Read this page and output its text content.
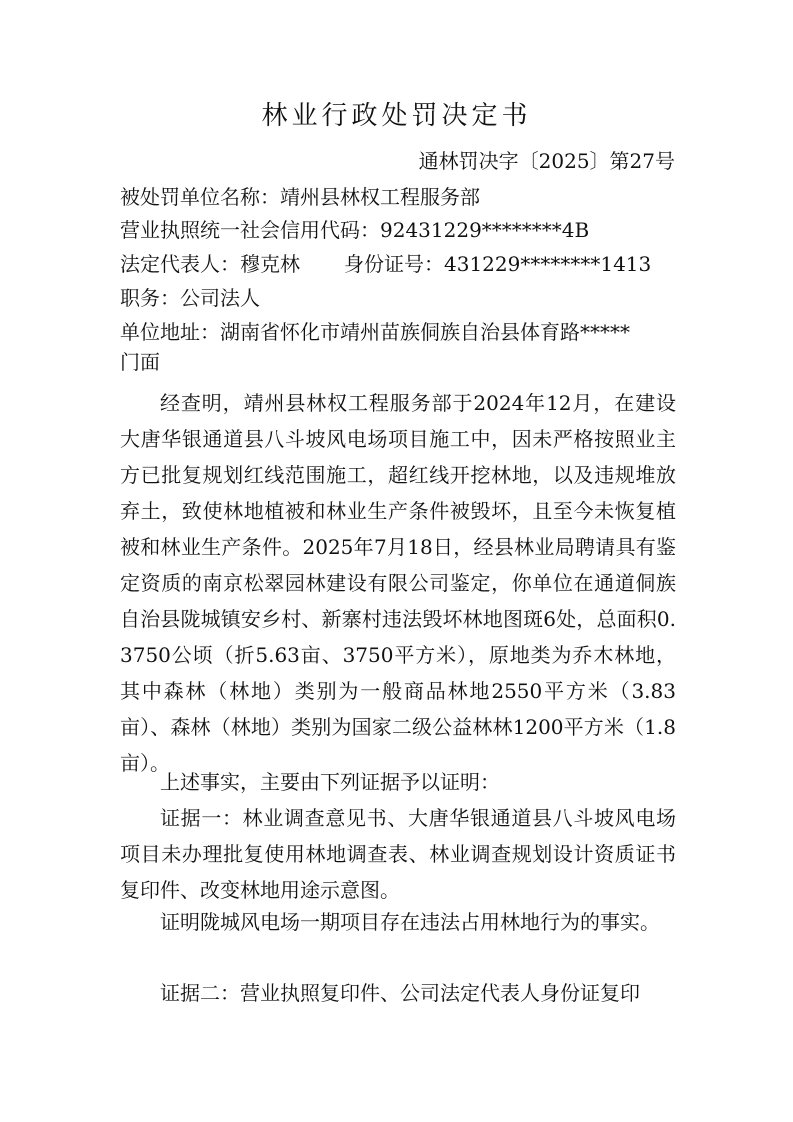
林业行政处罚决定书
通林罚决字〔2025〕第27号
被处罚单位名称：靖州县林权工程服务部
营业执照统一社会信用代码：92431229********4B
法定代表人：穆克林 身份证号：431229********1413
职务：公司法人
单位地址：湖南省怀化市靖州苗族侗族自治县体育路*****
门面

经查明，靖州县林权工程服务部于2024年12月，在建设大唐华银通道县八斗坡风电场项目施工中，因未严格按照业主方已批复规划红线范围施工，超红线开挖林地，以及违规堆放弃土，致使林地植被和林业生产条件被毁坏，且至今未恢复植被和林业生产条件。2025年7月18日，经县林业局聘请具有鉴定资质的南京松翠园林建设有限公司鉴定，你单位在通道侗族自治县陇城镇安乡村、新寨村违法毁坏林地图斑6处，总面积0.3750公顷（折5.63亩、3750平方米），原地类为乔木林地，其中森林（林地）类别为一般商品林地2550平方米（3.83亩）、森林（林地）类别为国家二级公益林林1200平方米（1.8亩）。

上述事实，主要由下列证据予以证明：

证据一：林业调查意见书、大唐华银通道县八斗坡风电场项目未办理批复使用林地调查表、林业调查规划设计资质证书复印件、改变林地用途示意图。

证明陇城风电场一期项目存在违法占用林地行为的事实。

证据二：营业执照复印件、公司法定代表人身份证复印
